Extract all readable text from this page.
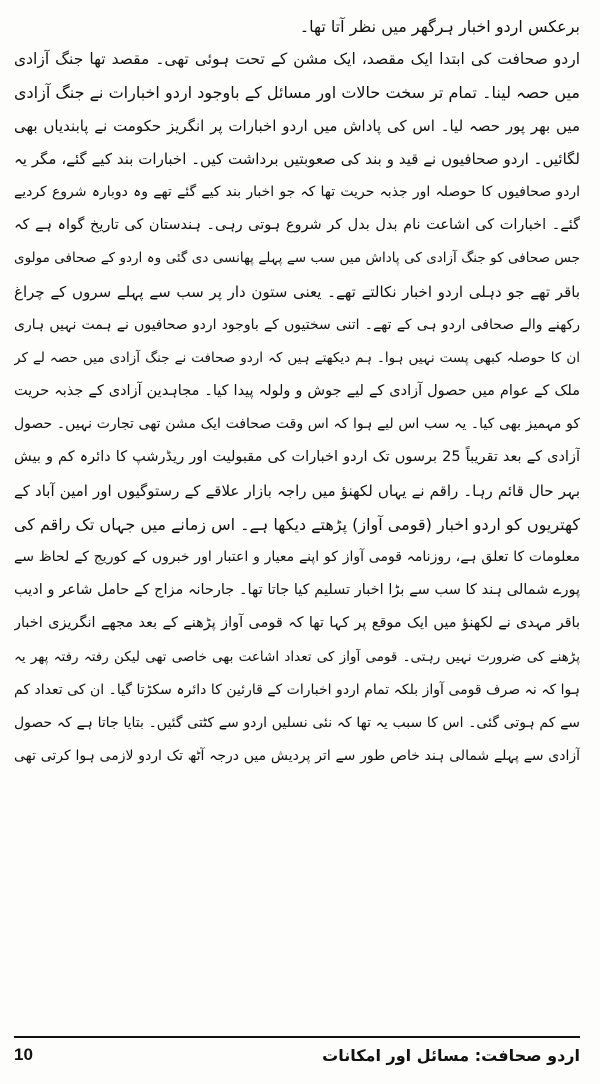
برعکس اردو اخبار ہرگھر میں نظر آتا تھا۔
اردو صحافت کی ابتدا ایک مقصد، ایک مشن کے تحت ہوئی تھی۔ مقصد تھا جنگ آزادی
میں حصہ لینا۔ تمام تر سخت حالات اور مسائل کے باوجود اردو اخبارات نے جنگ آزادی
میں بھر پور حصہ لیا۔ اس کی پاداش میں اردو اخبارات پر انگریز حکومت نے پابندیاں بھی
لگائیں۔ اردو صحافیوں نے قید و بند کی صعوبتیں برداشت کیں۔ اخبارات بند کیے گئے، مگر یہ
اردو صحافیوں کا حوصلہ اور جذبہ حریت تھا کہ جو اخبار بند کیے گئے تھے وہ دوبارہ شروع کردیے
گئے۔ اخبارات کی اشاعت نام بدل بدل کر شروع ہوتی رہی۔ ہندستان کی تاریخ گواہ ہے کہ
جس صحافی کو جنگ آزادی کی پاداش میں سب سے پہلے پھانسی دی گئی وہ اردو کے صحافی مولوی
باقر تھے جو دہلی اردو اخبار نکالتے تھے۔ یعنی ستون دار پر سب سے پہلے سروں کے چراغ
رکھنے والے صحافی اردو ہی کے تھے۔ اتنی سختیوں کے باوجود اردو صحافیوں نے ہمت نہیں ہاری
ان کا حوصلہ کبھی پست نہیں ہوا۔ ہم دیکھتے ہیں کہ اردو صحافت نے جنگ آزادی میں حصہ لے کر
ملک کے عوام میں حصول آزادی کے لیے جوش و ولولہ پیدا کیا۔ مجاہدین آزادی کے جذبہ حریت
کو مہمیز بھی کیا۔ یہ سب اس لیے ہوا کہ اس وقت صحافت ایک مشن تھی تجارت نہیں۔ حصول
آزادی کے بعد تقریباً 25 برسوں تک اردو اخبارات کی مقبولیت اور ریڈرشپ کا دائرہ کم و بیش
بہر حال قائم رہا۔ راقم نے یہاں لکھنؤ میں راجہ بازار علاقے کے رستوگیوں اور امین آباد کے
کھتریوں کو اردو اخبار (قومی آواز) پڑھتے دیکھا ہے۔ اس زمانے میں جہاں تک راقم کی
معلومات کا تعلق ہے، روزنامہ قومی آواز کو اپنے معیار و اعتبار اور خبروں کے کوریج کے لحاظ سے
پورے شمالی ہند کا سب سے بڑا اخبار تسلیم کیا جاتا تھا۔ جارحانہ مزاج کے حامل شاعر و ادیب
باقر مہدی نے لکھنؤ میں ایک موقع پر کہا تھا کہ قومی آواز پڑھنے کے بعد مجھے انگریزی اخبار
پڑھنے کی ضرورت نہیں رہتی۔ قومی آواز کی تعداد اشاعت بھی خاصی تھی لیکن رفتہ رفتہ پھر یہ
ہوا کہ نہ صرف قومی آواز بلکہ تمام اردو اخبارات کے قارئین کا دائرہ سکڑتا گیا۔ ان کی تعداد کم
سے کم ہوتی گئی۔ اس کا سبب یہ تھا کہ نئی نسلیں اردو سے کٹتی گئیں۔ بتایا جاتا ہے کہ حصول
آزادی سے پہلے شمالی ہند خاص طور سے اتر پردیش میں درجہ آٹھ تک اردو لازمی ہوا کرتی تھی
10	اردو صحافت: مسائل اور امکانات
